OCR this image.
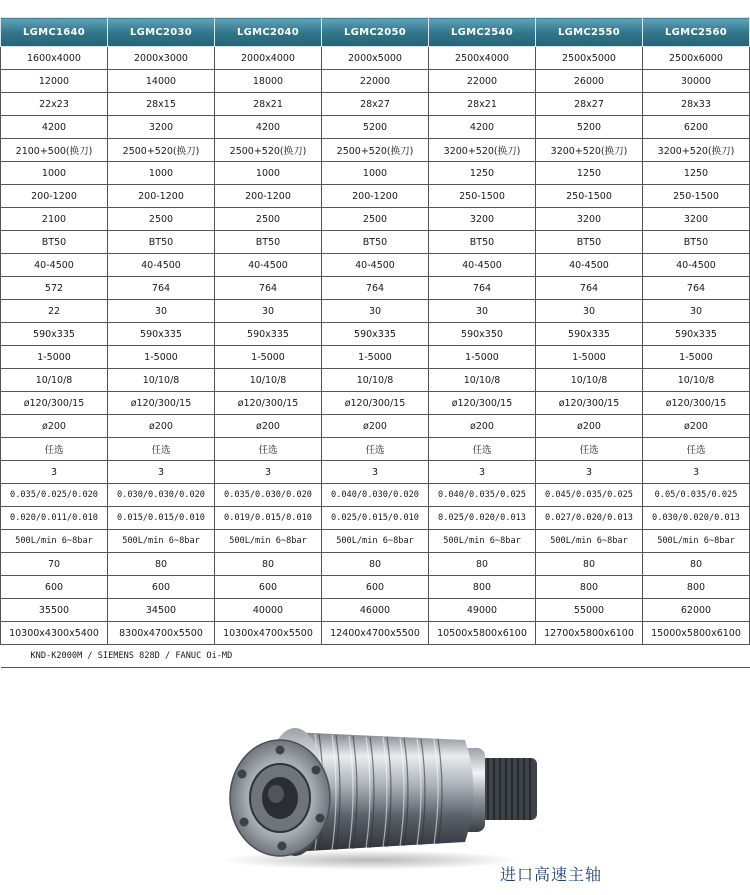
LGMC1640	LGMC2030	LGMC2040	LGMC2050	LGMC2540	LGMC2550	LGMC2560
1600x4000	2000x3000	2000x4000	2000x5000	2500x4000	2500x5000	2500x6000
12000	14000	18000	22000	22000	26000	30000
22x23	28x15	28x21	28x27	28x21	28x27	28x33
4200	3200	4200	5200	4200	5200	6200
2100+500(换刀)	2500+520(换刀)	2500+520(换刀)	2500+520(换刀)	3200+520(换刀)	3200+520(换刀)	3200+520(换刀)
1000	1000	1000	1000	1250	1250	1250
200-1200	200-1200	200-1200	200-1200	250-1500	250-1500	250-1500
2100	2500	2500	2500	3200	3200	3200
BT50	BT50	BT50	BT50	BT50	BT50	BT50
40-4500	40-4500	40-4500	40-4500	40-4500	40-4500	40-4500
572	764	764	764	764	764	764
22	30	30	30	30	30	30
590x335	590x335	590x335	590x335	590x350	590x335	590x335
1-5000	1-5000	1-5000	1-5000	1-5000	1-5000	1-5000
10/10/8	10/10/8	10/10/8	10/10/8	10/10/8	10/10/8	10/10/8
ø120/300/15	ø120/300/15	ø120/300/15	ø120/300/15	ø120/300/15	ø120/300/15	ø120/300/15
ø200	ø200	ø200	ø200	ø200	ø200	ø200
任选	任选	任选	任选	任选	任选	任选
3	3	3	3	3	3	3
0.035/0.025/0.020	0.030/0.030/0.020	0.035/0.030/0.020	0.040/0.030/0.020	0.040/0.035/0.025	0.045/0.035/0.025	0.05/0.035/0.025
0.020/0.011/0.010	0.015/0.015/0.010	0.019/0.015/0.010	0.025/0.015/0.010	0.025/0.020/0.013	0.027/0.020/0.013	0.030/0.020/0.013
500L/min 6~8bar	500L/min 6~8bar	500L/min 6~8bar	500L/min 6~8bar	500L/min 6~8bar	500L/min 6~8bar	500L/min 6~8bar
70	80	80	80	80	80	80
600	600	600	600	800	800	800
35500	34500	40000	46000	49000	55000	62000
10300x4300x5400	8300x4700x5500	10300x4700x5500	12400x4700x5500	10500x5800x6100	12700x5800x6100	15000x5800x6100
KND-K2000M / SIEMENS 828D / FANUC Oi-MD						
进口高速主轴
